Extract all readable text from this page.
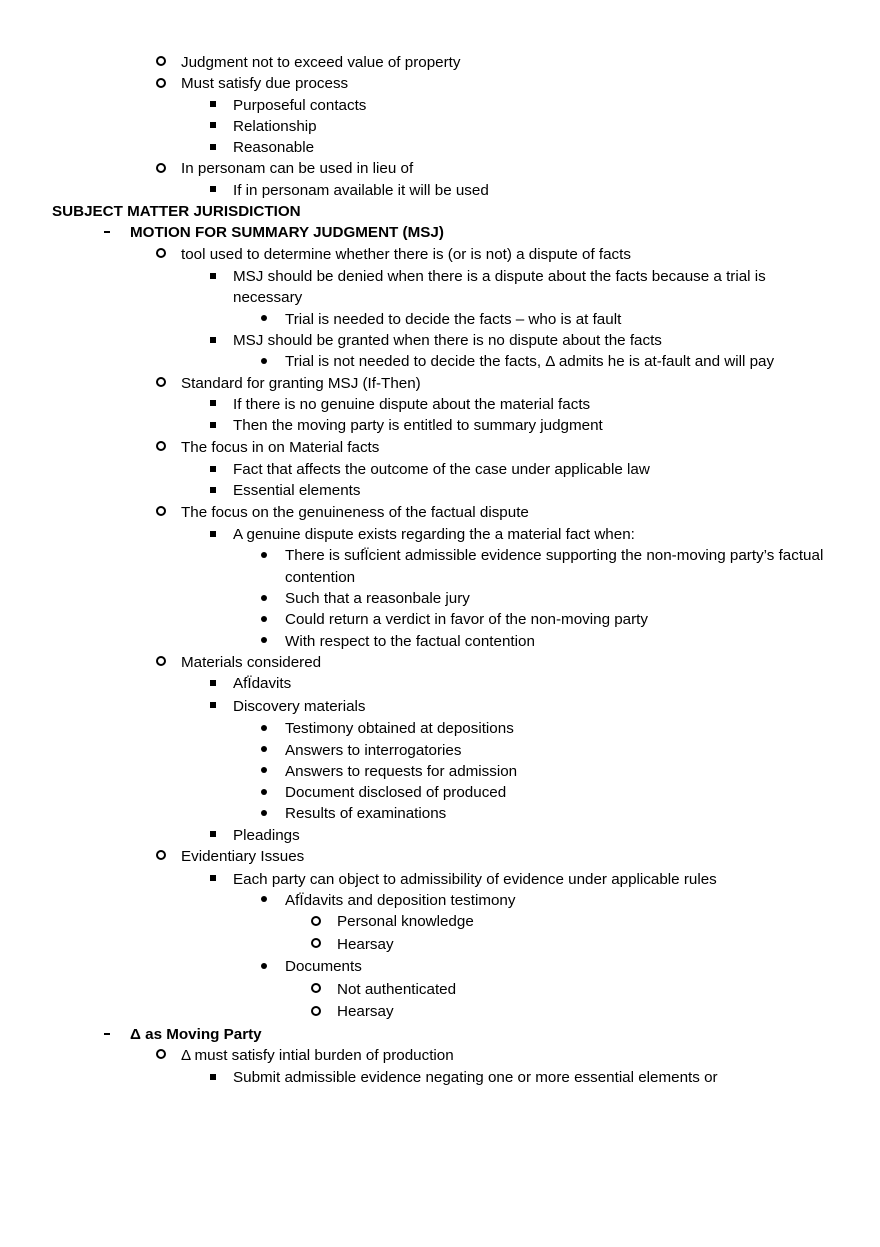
Judgment not to exceed value of property
Must satisfy due process
Purposeful contacts
Relationship
Reasonable
In personam can be used in lieu of
If in personam available it will be used
SUBJECT MATTER JURISDICTION
MOTION FOR SUMMARY JUDGMENT (MSJ)
tool used to determine whether there is (or is not) a dispute of facts
MSJ should be denied when there is a dispute about the facts because a trial is necessary
Trial is needed to decide the facts – who is at fault
MSJ should be granted when there is no dispute about the facts
Trial is not needed to decide the facts, Δ admits he is at-fault and will pay
Standard for granting MSJ (If-Then)
If there is no genuine dispute about the material facts
Then the moving party is entitled to summary judgment
The focus in on Material facts
Fact that affects the outcome of the case under applicable law
Essential elements
The focus on the genuineness of the factual dispute
A genuine dispute exists regarding the a material fact when:
There is sufÏcient admissible evidence supporting the non-moving party’s factual contention
Such that a reasonbale jury
Could return a verdict in favor of the non-moving party
With respect to the factual contention
Materials considered
AfÏdavits
Discovery materials
Testimony obtained at depositions
Answers to interrogatories
Answers to requests for admission
Document disclosed of produced
Results of examinations
Pleadings
Evidentiary Issues
Each party can object to admissibility of evidence under applicable rules
AfÏdavits and deposition testimony
Personal knowledge
Hearsay
Documents
Not authenticated
Hearsay
Δ as Moving Party
Δ must satisfy intial burden of production
Submit admissible evidence negating one or more essential elements or
